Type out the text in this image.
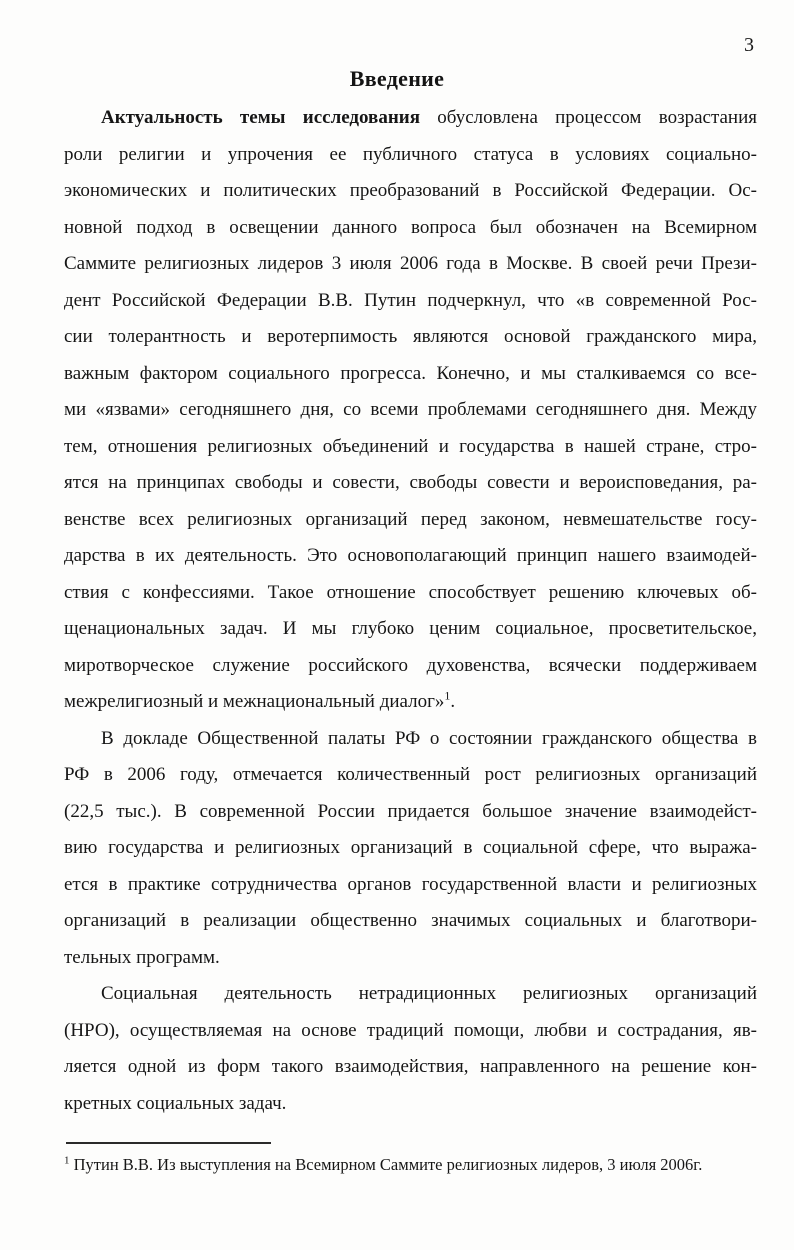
3
Введение
Актуальность темы исследования обусловлена процессом возрастания
роли религии и упрочения ее публичного статуса в условиях социально-
экономических и политических преобразований в Российской Федерации. Ос-
новной подход в освещении данного вопроса был обозначен на Всемирном
Саммите религиозных лидеров 3 июля 2006 года в Москве. В своей речи Прези-
дент Российской Федерации В.В. Путин подчеркнул, что «в современной Рос-
сии толерантность и веротерпимость являются основой гражданского мира,
важным фактором социального прогресса. Конечно, и мы сталкиваемся со все-
ми «язвами» сегодняшнего дня, со всеми проблемами сегодняшнего дня. Между
тем, отношения религиозных объединений и государства в нашей стране, стро-
ятся на принципах свободы и совести, свободы совести и вероисповедания, ра-
венстве всех религиозных организаций перед законом, невмешательстве госу-
дарства в их деятельность. Это основополагающий принцип нашего взаимодей-
ствия с конфессиями. Такое отношение способствует решению ключевых об-
щенациональных задач. И мы глубоко ценим социальное, просветительское,
миротворческое служение российского духовенства, всячески поддерживаем
межрелигиозный и межнациональный диалог»$^1$.
В докладе Общественной палаты РФ о состоянии гражданского общества в
РФ в 2006 году, отмечается количественный рост религиозных организаций
(22,5 тыс.). В современной России придается большое значение взаимодейст-
вию государства и религиозных организаций в социальной сфере, что выража-
ется в практике сотрудничества органов государственной власти и религиозных
организаций в реализации общественно значимых социальных и благотвори-
тельных программ.
Социальная деятельность нетрадиционных религиозных организаций
(НРО), осуществляемая на основе традиций помощи, любви и сострадания, яв-
ляется одной из форм такого взаимодействия, направленного на решение кон-
кретных социальных задач.
$^1$ Путин В.В. Из выступления на Всемирном Саммите религиозных лидеров, 3 июля 2006г.
